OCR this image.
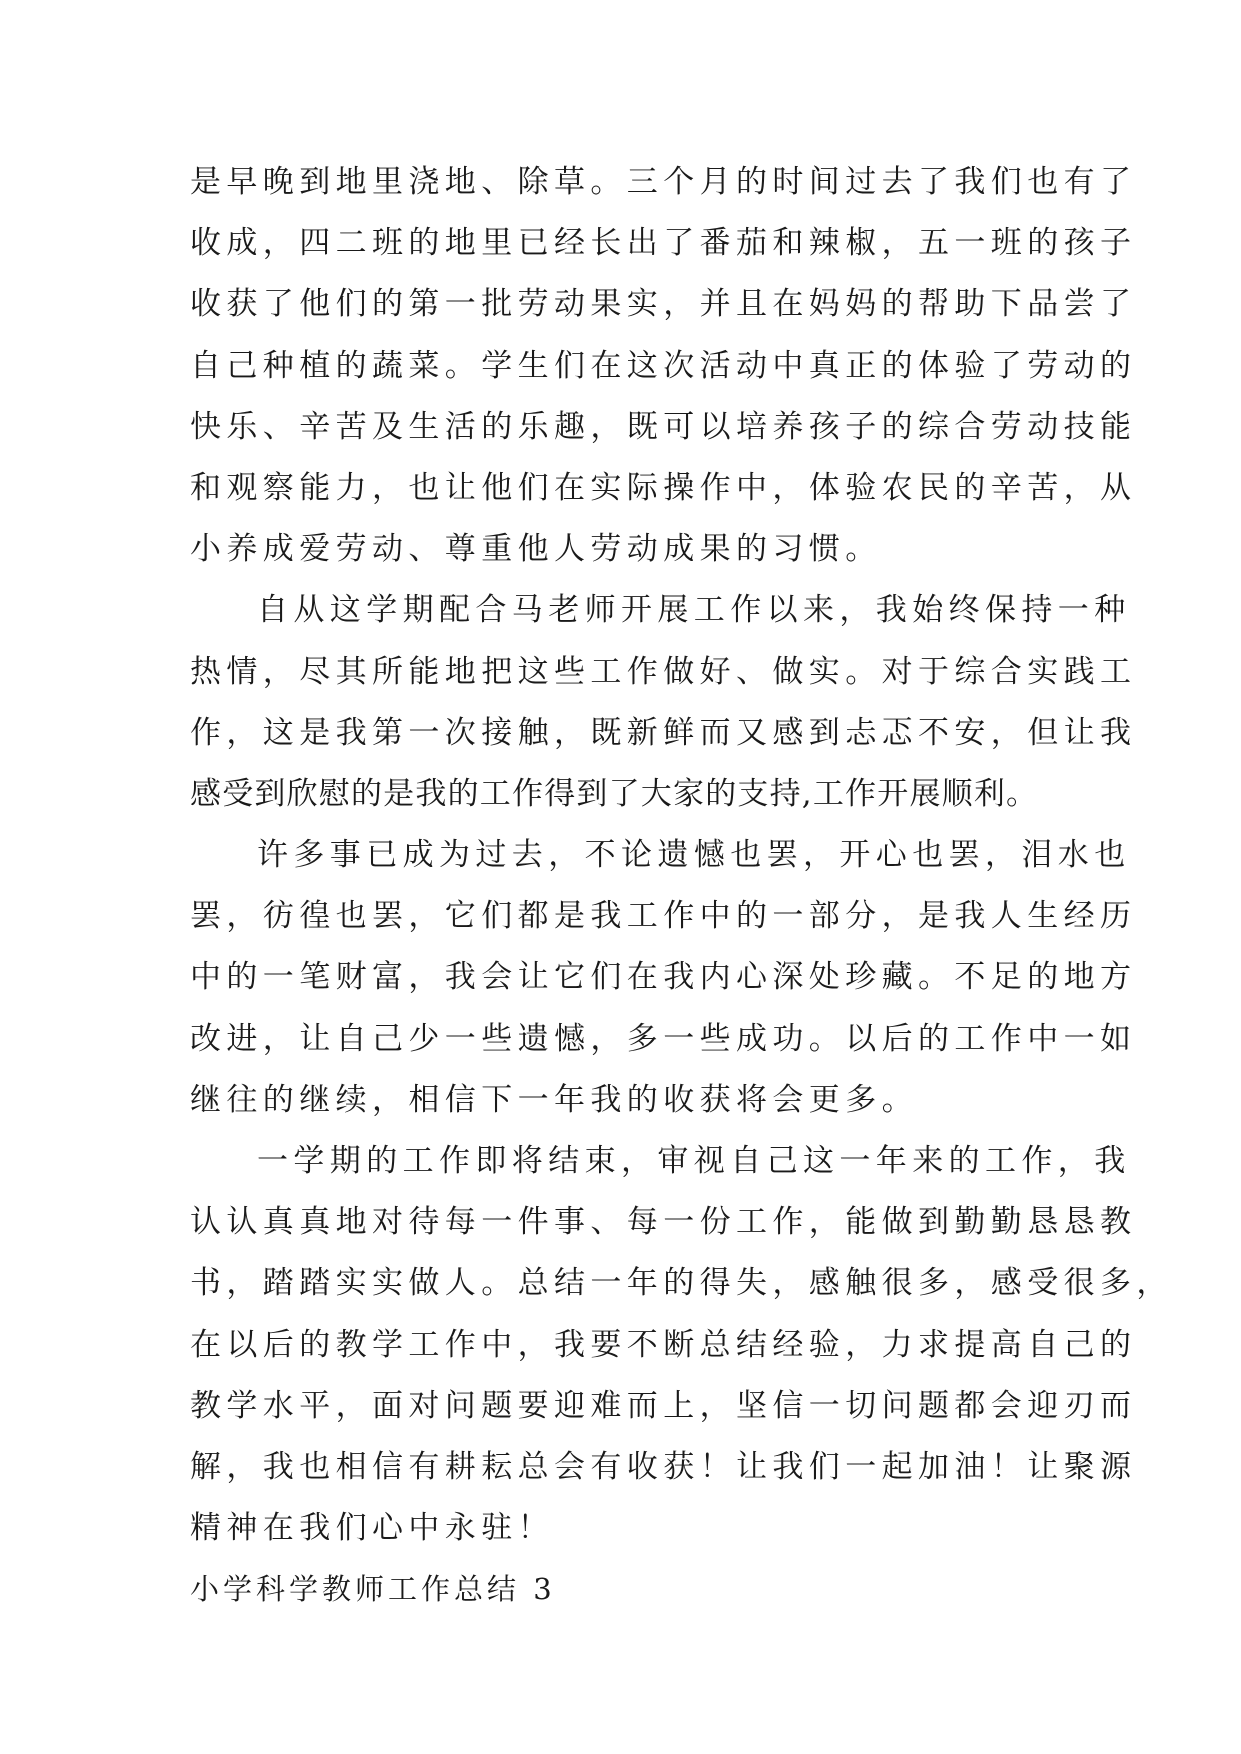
是早晚到地里浇地、除草。三个月的时间过去了我们也有了
收成，四二班的地里已经长出了番茄和辣椒，五一班的孩子
收获了他们的第一批劳动果实，并且在妈妈的帮助下品尝了
自己种植的蔬菜。学生们在这次活动中真正的体验了劳动的
快乐、辛苦及生活的乐趣，既可以培养孩子的综合劳动技能
和观察能力，也让他们在实际操作中，体验农民的辛苦，从
小养成爱劳动、尊重他人劳动成果的习惯。
自从这学期配合马老师开展工作以来，我始终保持一种
热情，尽其所能地把这些工作做好、做实。对于综合实践工
作，这是我第一次接触，既新鲜而又感到忐忑不安，但让我
感受到欣慰的是我的工作得到了大家的支持,工作开展顺利。
许多事已成为过去，不论遗憾也罢，开心也罢，泪水也
罢，彷徨也罢，它们都是我工作中的一部分，是我人生经历
中的一笔财富，我会让它们在我内心深处珍藏。不足的地方
改进，让自己少一些遗憾，多一些成功。以后的工作中一如
继往的继续，相信下一年我的收获将会更多。
一学期的工作即将结束，审视自己这一年来的工作，我
认认真真地对待每一件事、每一份工作，能做到勤勤恳恳教
书，踏踏实实做人。总结一年的得失，感触很多，感受很多，
在以后的教学工作中，我要不断总结经验，力求提高自己的
教学水平，面对问题要迎难而上，坚信一切问题都会迎刃而
解，我也相信有耕耘总会有收获！让我们一起加油！让聚源
精神在我们心中永驻！
小学科学教师工作总结 3
